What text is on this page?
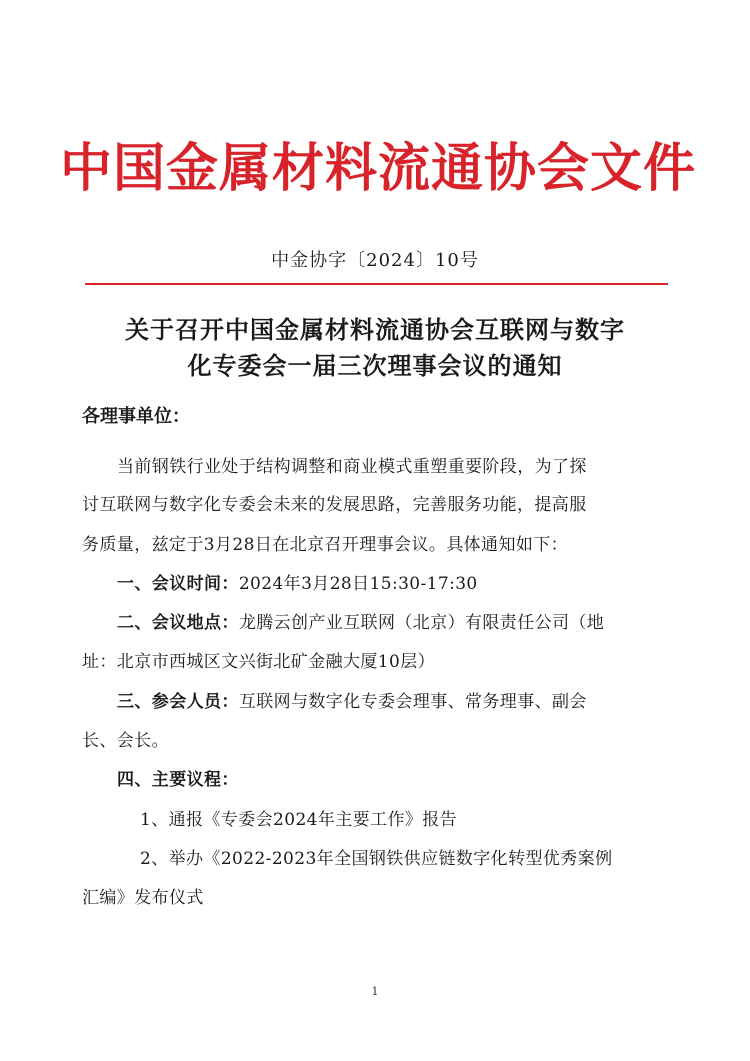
中国金属材料流通协会文件
中金协字〔2024〕10号
关于召开中国金属材料流通协会互联网与数字
化专委会一届三次理事会议的通知
各理事单位：
当前钢铁行业处于结构调整和商业模式重塑重要阶段，为了探
讨互联网与数字化专委会未来的发展思路，完善服务功能，提高服
务质量，兹定于3月28日在北京召开理事会议。具体通知如下：
一、会议时间：2024年3月28日15:30-17:30
二、会议地点：龙腾云创产业互联网（北京）有限责任公司（地
址：北京市西城区文兴街北矿金融大厦10层）
三、参会人员：互联网与数字化专委会理事、常务理事、副会
长、会长。
四、主要议程：
1、通报《专委会2024年主要工作》报告
2、举办《2022-2023年全国钢铁供应链数字化转型优秀案例
汇编》发布仪式
1
